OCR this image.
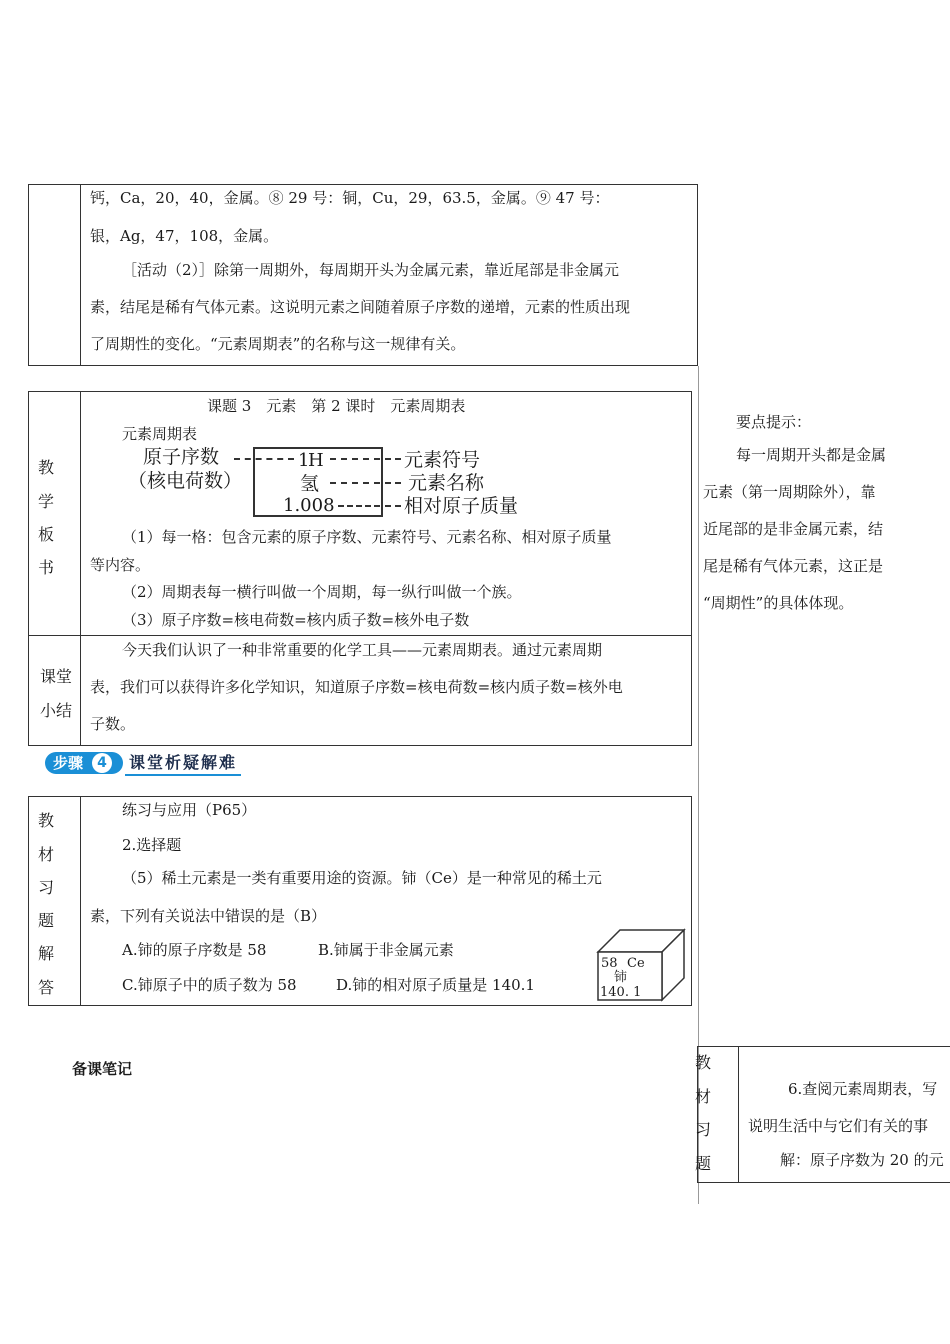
钙，Ca，20，40，金属。⑧ 29 号：铜，Cu，29，63.5，金属。⑨ 47 号：
银，Ag，47，108，金属。
［活动（2）］除第一周期外，每周期开头为金属元素，靠近尾部是非金属元
素，结尾是稀有气体元素。这说明元素之间随着原子序数的递增，元素的性质出现
了周期性的变化。“元素周期表”的名称与这一规律有关。
教
学
板
书
课题 3　元素　第 2 课时　元素周期表
元素周期表
原子序数
（核电荷数）
1
H
氢
1.008
元素符号
元素名称
相对原子质量
（1）每一格：包含元素的原子序数、元素符号、元素名称、相对原子质量
等内容。
（2）周期表每一横行叫做一个周期，每一纵行叫做一个族。
（3）原子序数=核电荷数=核内质子数=核外电子数
课堂
小结
今天我们认识了一种非常重要的化学工具——元素周期表。通过元素周期
表，我们可以获得许多化学知识，知道原子序数=核电荷数=核内质子数=核外电
子数。
步骤	4	课堂析疑解难
教
材
习
题
解
答
练习与应用（P65）
2.选择题
（5）稀土元素是一类有重要用途的资源。铈（Ce）是一种常见的稀土元
素，下列有关说法中错误的是（B）
A.铈的原子序数是 58	B.铈属于非金属元素
C.铈原子中的质子数为 58	D.铈的相对原子质量是 140.1
58 Ce
铈
140. 1
要点提示：
每一周期开头都是金属
元素（第一周期除外），靠
近尾部的是非金属元素，结
尾是稀有气体元素，这正是
“周期性”的具体体现。
备课笔记	教
材
习
题
6.查阅元素周期表，写
说明生活中与它们有关的事
解：原子序数为 20 的元
